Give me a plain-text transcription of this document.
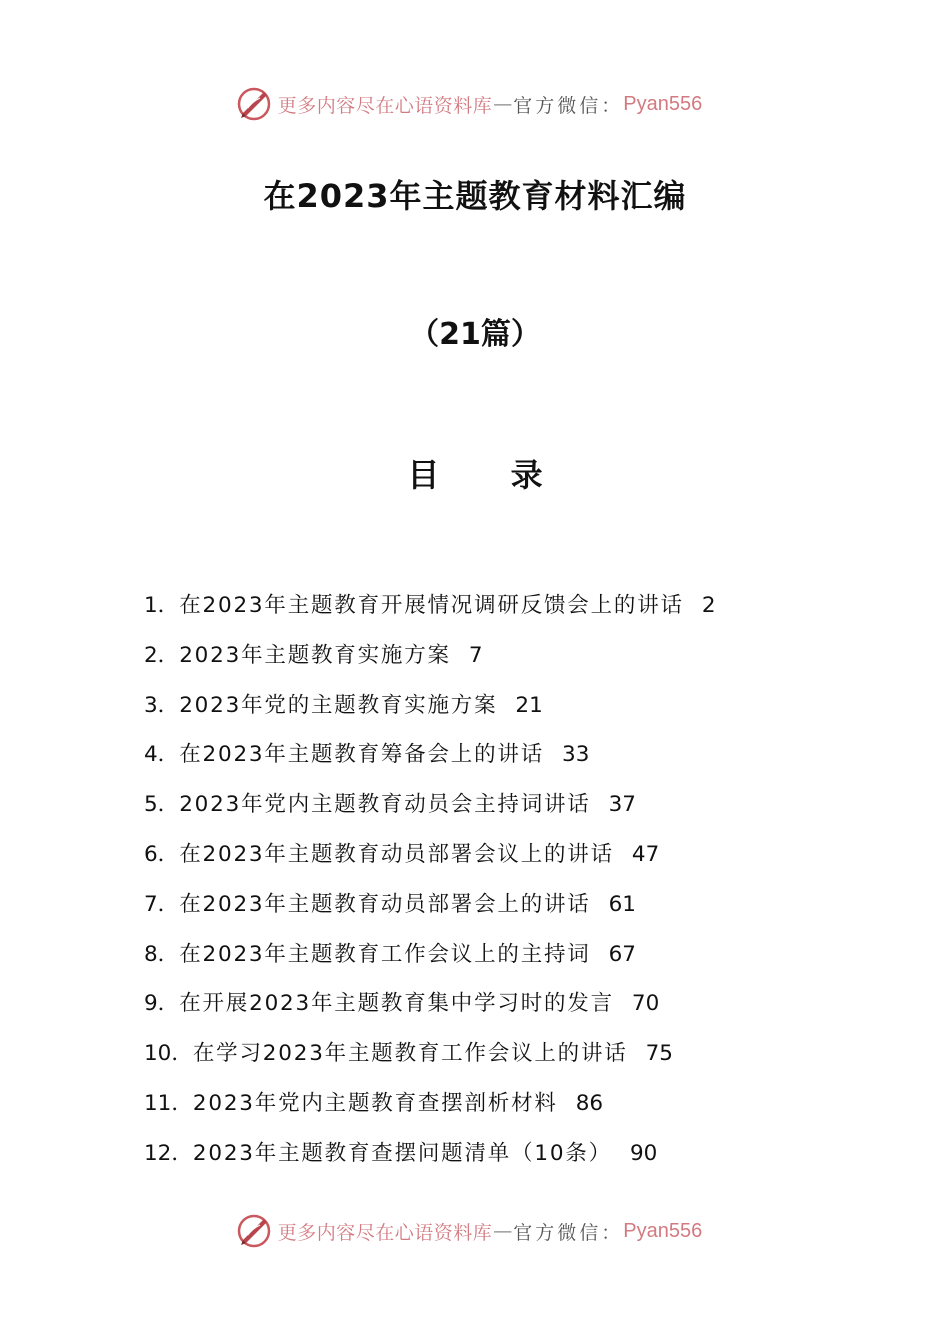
更多内容尽在心语资料库 — 官方微信： Pyan556
在2023年主题教育材料汇编
（21篇）
目 录
1．在2023年主题教育开展情况调研反馈会上的讲话 2
2．2023年主题教育实施方案 7
3．2023年党的主题教育实施方案 21
4．在2023年主题教育筹备会上的讲话 33
5．2023年党内主题教育动员会主持词讲话 37
6．在2023年主题教育动员部署会议上的讲话 47
7．在2023年主题教育动员部署会上的讲话 61
8．在2023年主题教育工作会议上的主持词 67
9．在开展2023年主题教育集中学习时的发言 70
10．在学习2023年主题教育工作会议上的讲话 75
11．2023年党内主题教育查摆剖析材料 86
12．2023年主题教育查摆问题清单（10条） 90
更多内容尽在心语资料库 — 官方微信： Pyan556
